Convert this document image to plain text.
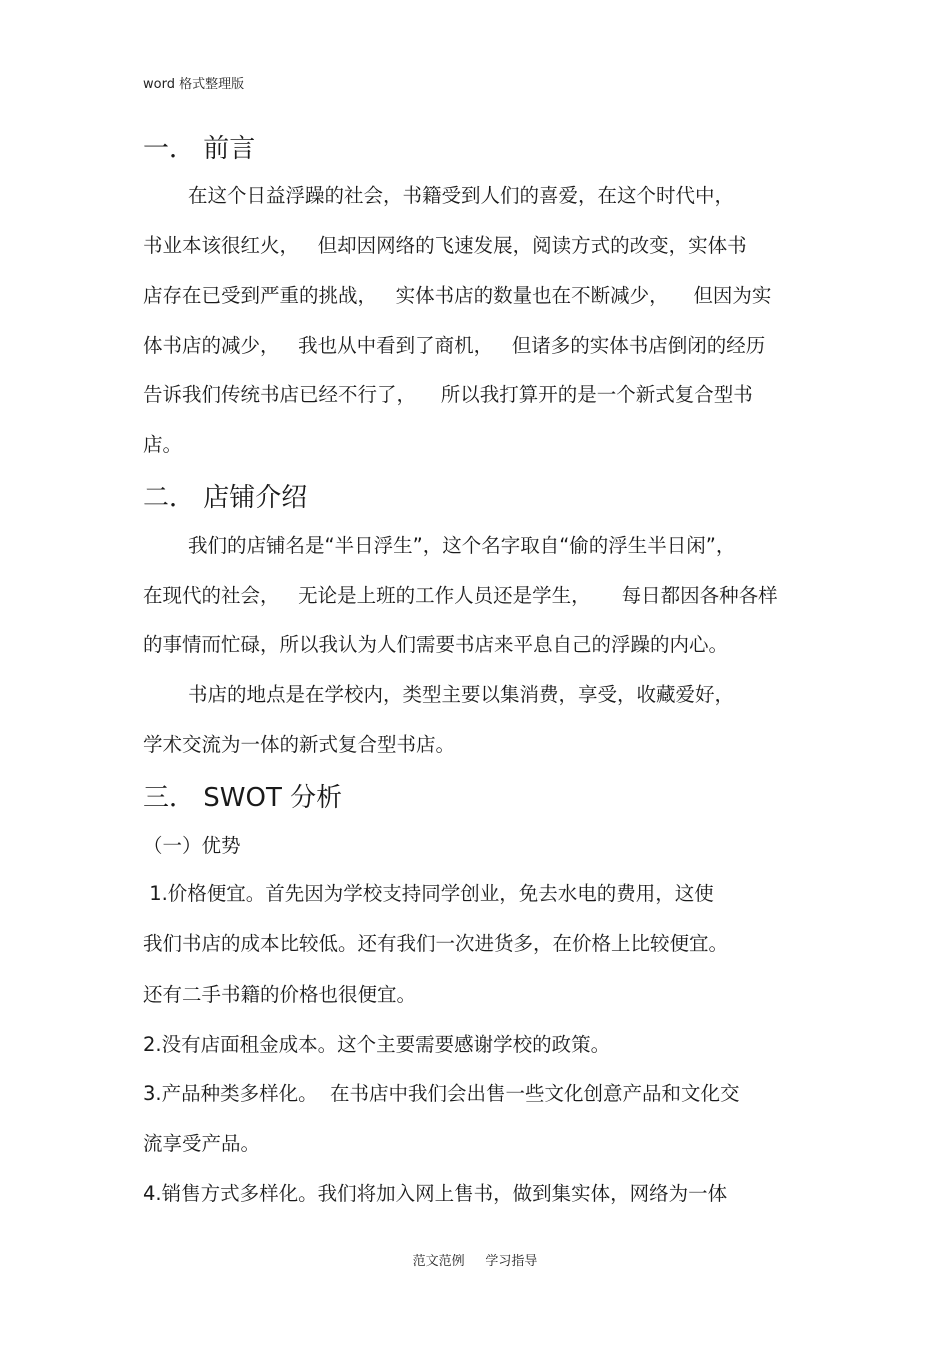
word 格式整理版
一． 前言
在这个日益浮躁的社会，书籍受到人们的喜爱，在这个时代中，
书业本该很红火，   但却因网络的飞速发展，阅读方式的改变，实体书
店存在已受到严重的挑战，   实体书店的数量也在不断减少，    但因为实
体书店的减少，   我也从中看到了商机，   但诸多的实体书店倒闭的经历
告诉我们传统书店已经不行了，    所以我打算开的是一个新式复合型书
店。
二． 店铺介绍
我们的店铺名是“半日浮生”，这个名字取自“偷的浮生半日闲”，
在现代的社会，   无论是上班的工作人员还是学生，     每日都因各种各样
的事情而忙碌，所以我认为人们需要书店来平息自己的浮躁的内心。
书店的地点是在学校内，类型主要以集消费，享受，收藏爱好，
学术交流为一体的新式复合型书店。
三． SWOT 分析
（一）优势
1.价格便宜。首先因为学校支持同学创业，免去水电的费用，这使
我们书店的成本比较低。还有我们一次进货多，在价格上比较便宜。
还有二手书籍的价格也很便宜。
2.没有店面租金成本。这个主要需要感谢学校的政策。
3.产品种类多样化。  在书店中我们会出售一些文化创意产品和文化交
流享受产品。
4.销售方式多样化。我们将加入网上售书，做到集实体，网络为一体
范文范例     学习指导
